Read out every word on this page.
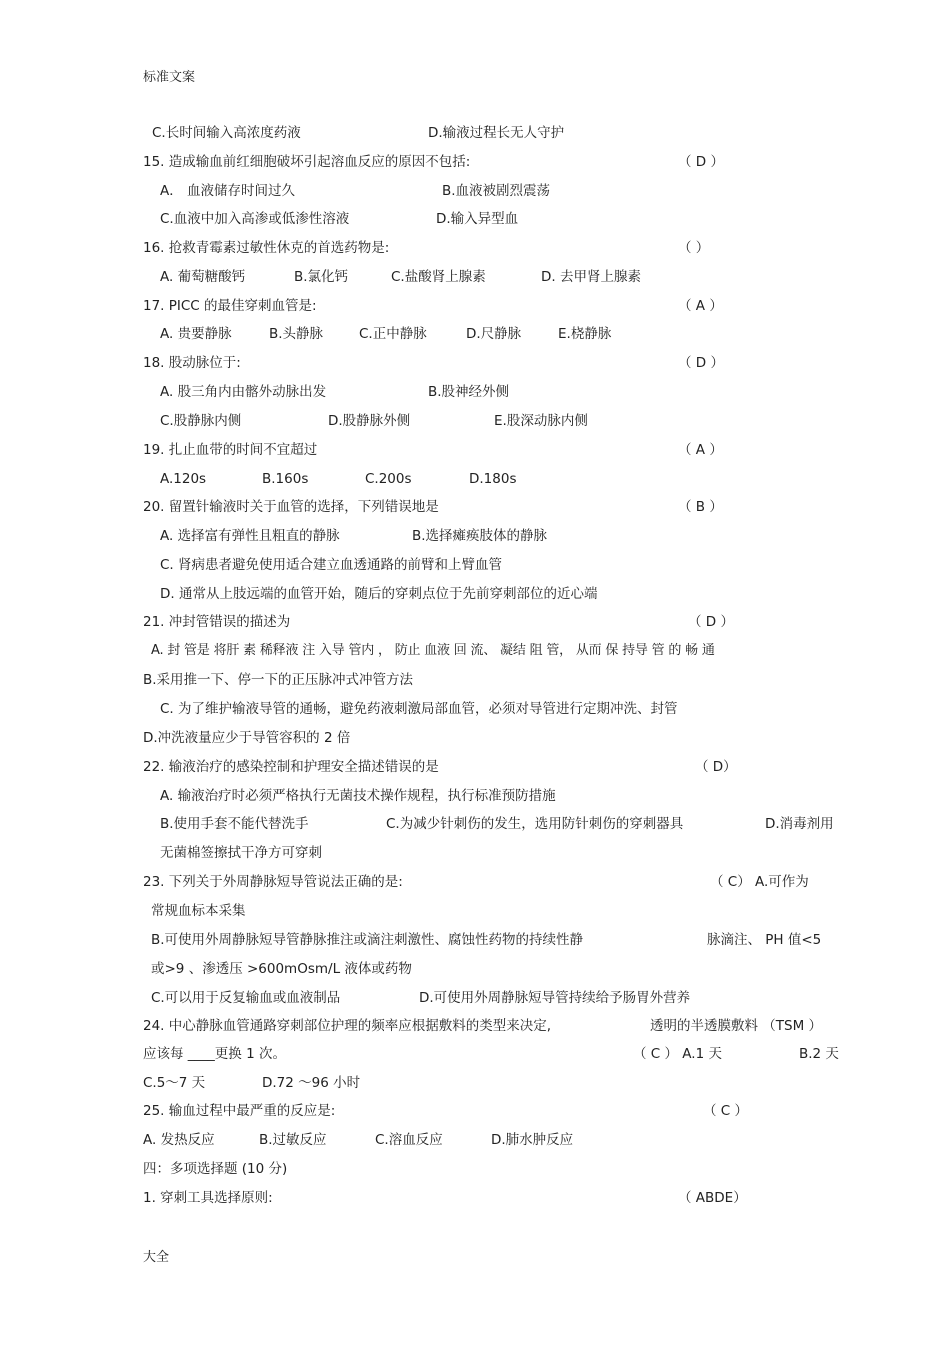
标准文案
C.长时间输入高浓度药液	D.输液过程长无人守护
15. 造成输血前红细胞破坏引起溶血反应的原因不包括:	（ D ）
A． 血液储存时间过久	B.血液被剧烈震荡
C.血液中加入高渗或低渗性溶液	D.输入异型血
16. 抢救青霉素过敏性休克的首选药物是:	（ ）
A. 葡萄糖酸钙	B.氯化钙	C.盐酸肾上腺素	D. 去甲肾上腺素
17. PICC 的最佳穿刺血管是:	（ A ）
A. 贵要静脉	B.头静脉	C.正中静脉	D.尺静脉	E.桡静脉
18. 股动脉位于:	（ D ）
A. 股三角内由髂外动脉出发	B.股神经外侧
C.股静脉内侧	D.股静脉外侧	E.股深动脉内侧
19. 扎止血带的时间不宜超过	（ A ）
A.120s	B.160s	C.200s	D.180s
20. 留置针输液时关于血管的选择，下列错误地是	（ B ）
A. 选择富有弹性且粗直的静脉	B.选择瘫痪肢体的静脉
C. 肾病患者避免使用适合建立血透通路的前臂和上臂血管
D. 通常从上肢远端的血管开始，随后的穿刺点位于先前穿刺部位的近心端
21. 冲封管错误的描述为	（ D ）
A. 封 管是 将肝 素 稀释液 注 入导 管内 ， 防止 血液 回 流、 凝结 阻 管， 从而 保 持导 管 的 畅 通
B.采用推一下、停一下的正压脉冲式冲管方法
C. 为了维护输液导管的通畅，避免药液刺激局部血管，必须对导管进行定期冲洗、封管
D.冲洗液量应少于导管容积的 2 倍
22. 输液治疗的感染控制和护理安全描述错误的是	（ D）
A. 输液治疗时必须严格执行无菌技术操作规程，执行标准预防措施
B.使用手套不能代替洗手	C.为减少针刺伤的发生，选用防针刺伤的穿刺器具	D.消毒剂用
无菌棉签擦拭干净方可穿刺
23. 下列关于外周静脉短导管说法正确的是:	（ C） A.可作为
常规血标本采集
B.可使用外周静脉短导管静脉推注或滴注刺激性、腐蚀性药物的持续性静	脉滴注、 PH 值<5
或>9 、渗透压 >600mOsm/L 液体或药物
C.可以用于反复输血或血液制品	D.可使用外周静脉短导管持续给予肠胃外营养
24. 中心静脉血管通路穿刺部位护理的频率应根据敷料的类型来决定,	透明的半透膜敷料 （TSM ）
应该每 ____更换 1 次。	（ C ） A.1 天	B.2 天
C.5～7 天	D.72 ～96 小时
25. 输血过程中最严重的反应是:	（ C ）
A. 发热反应	B.过敏反应	C.溶血反应	D.肺水肿反应
四：多项选择题 (10 分)
1. 穿刺工具选择原则:	（ ABDE）
大全
